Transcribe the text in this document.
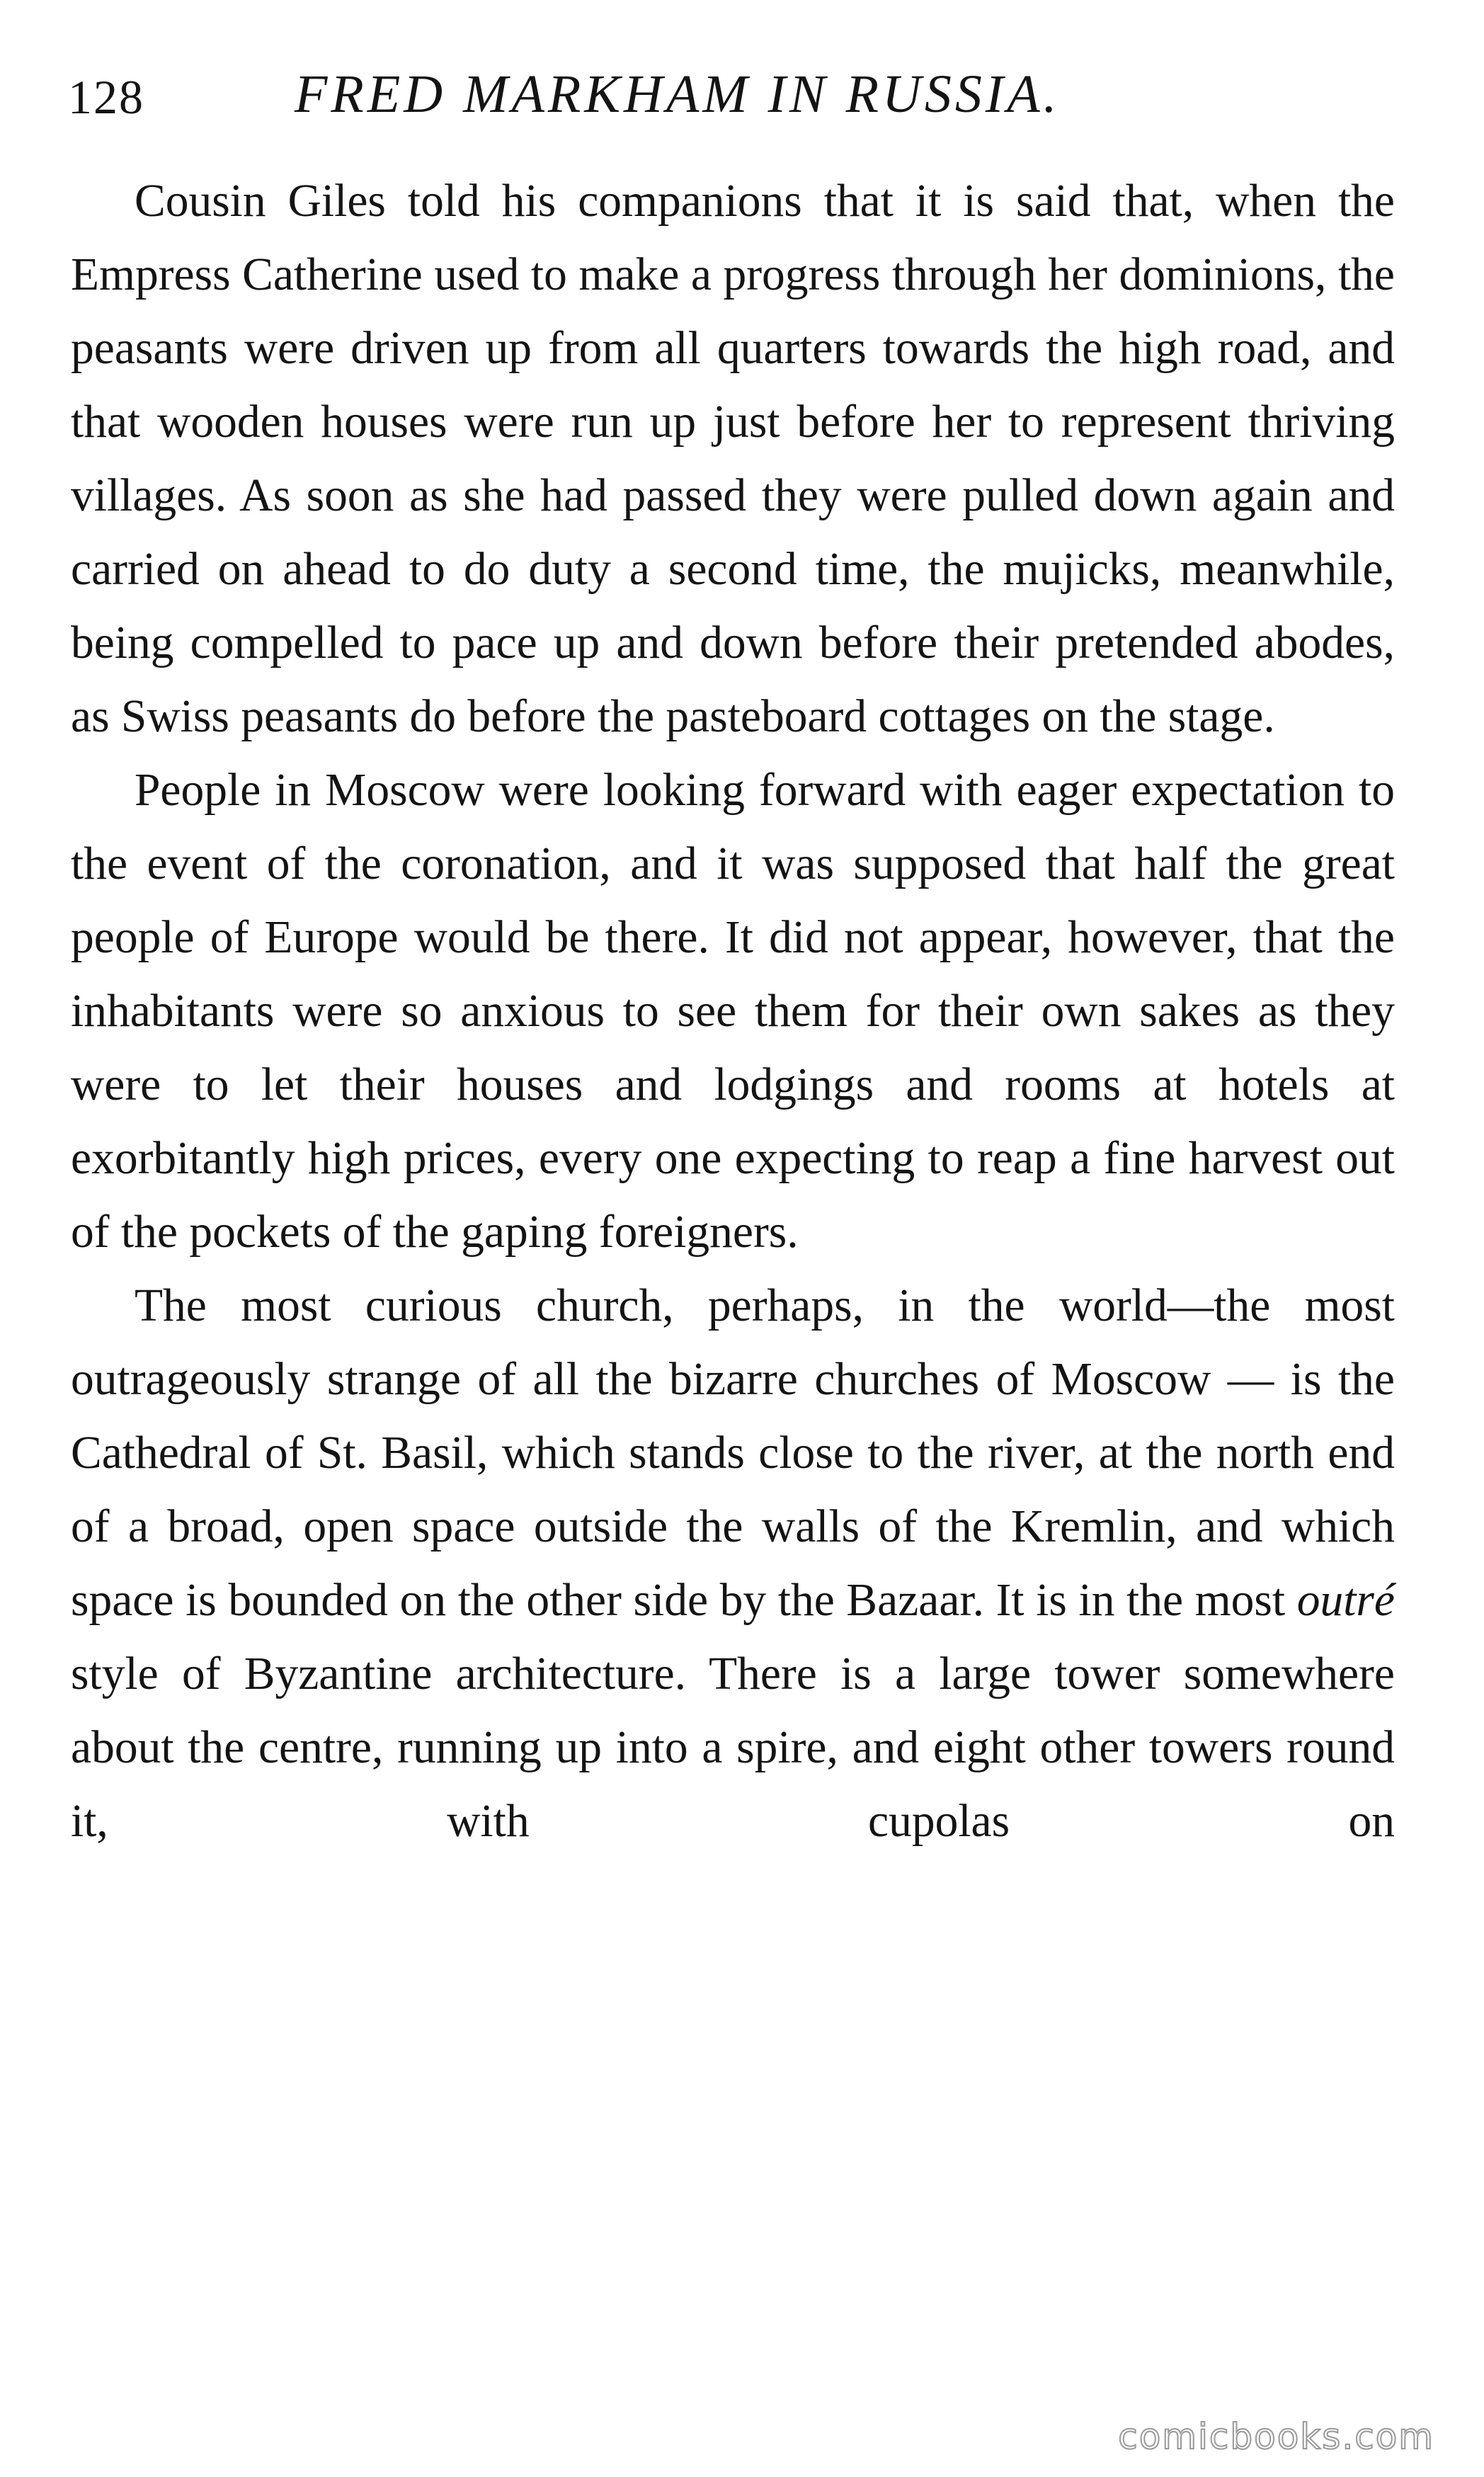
128	FRED MARKHAM IN RUSSIA.

Cousin Giles told his companions that it is said that, when the Empress Catherine used to make a progress through her dominions, the peasants were driven up from all quarters towards the high road, and that wooden houses were run up just before her to represent thriving villages. As soon as she had passed they were pulled down again and carried on ahead to do duty a second time, the mujicks, meanwhile, being compelled to pace up and down before their pretended abodes, as Swiss peasants do before the pasteboard cottages on the stage.

People in Moscow were looking forward with eager expectation to the event of the coronation, and it was supposed that half the great people of Europe would be there. It did not appear, however, that the inhabitants were so anxious to see them for their own sakes as they were to let their houses and lodgings and rooms at hotels at exorbitantly high prices, every one expecting to reap a fine harvest out of the pockets of the gaping foreigners.

The most curious church, perhaps, in the world—the most outrageously strange of all the bizarre churches of Moscow — is the Cathedral of St. Basil, which stands close to the river, at the north end of a broad, open space outside the walls of the Kremlin, and which space is bounded on the other side by the Bazaar. It is in the most outré style of Byzantine architecture. There is a large tower somewhere about the centre, running up into a spire, and eight other towers round it, with cupolas on

comicbooks.com
